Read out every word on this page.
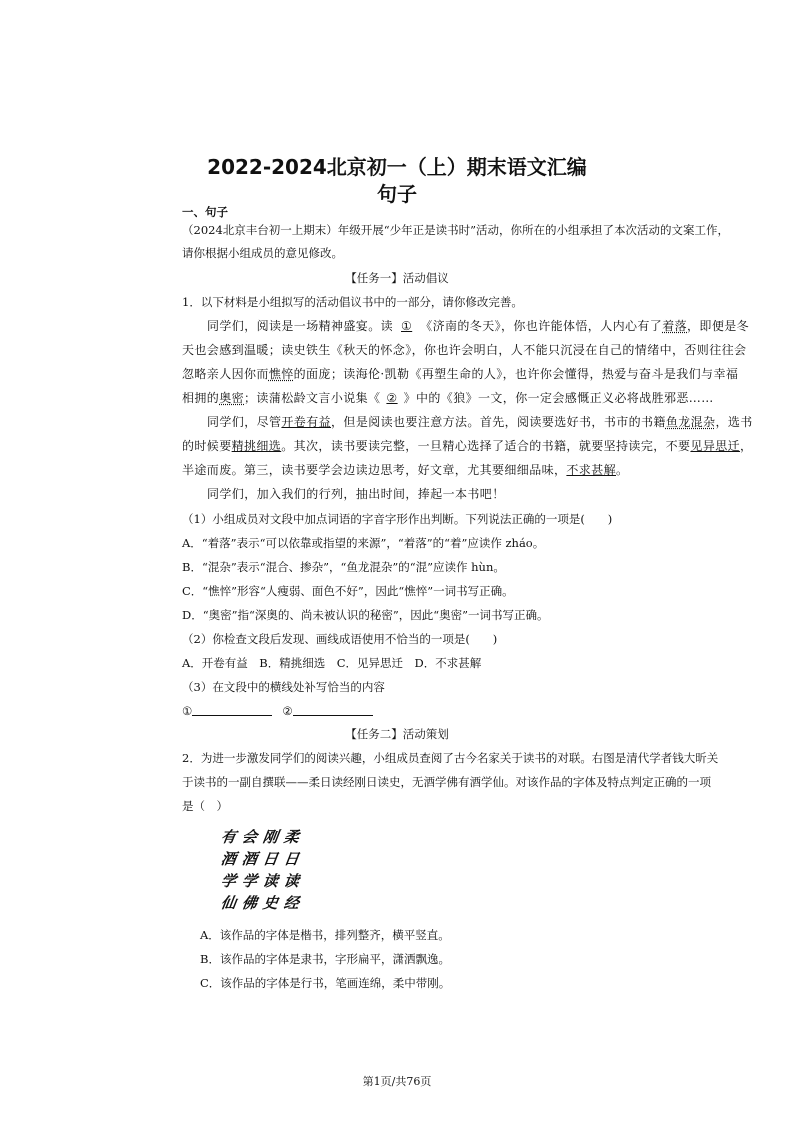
2022-2024北京初一（上）期末语文汇编
句子
一、句子
（2024北京丰台初一上期末）年级开展“少年正是读书时”活动，你所在的小组承担了本次活动的文案工作，
请你根据小组成员的意见修改。
【任务一】活动倡议
1．以下材料是小组拟写的活动倡议书中的一部分，请你修改完善。
同学们，阅读是一场精神盛宴。读 ① 《济南的冬天》，你也许能体悟，人内心有了着落，即便是冬
天也会感到温暖；读史铁生《秋天的怀念》，你也许会明白，人不能只沉浸在自己的情绪中，否则往往会
忽略亲人因你而憔悴的面庞；读海伦·凯勒《再塑生命的人》，也许你会懂得，热爱与奋斗是我们与幸福
相拥的奥密；读蒲松龄文言小说集《 ② 》中的《狼》一文，你一定会感慨正义必将战胜邪恶……
同学们，尽管开卷有益，但是阅读也要注意方法。首先，阅读要选好书，书市的书籍鱼龙混杂，选书
的时候要精挑细选。其次，读书要读完整，一旦精心选择了适合的书籍，就要坚持读完，不要见异思迁，
半途而废。第三，读书要学会边读边思考，好文章，尤其要细细品味，不求甚解。
同学们，加入我们的行列，抽出时间，捧起一本书吧！
（1）小组成员对文段中加点词语的字音字形作出判断。下列说法正确的一项是(　　)
A．“着落”表示“可以依靠或指望的来源”，“着落”的“着”应读作 zháo。
B．“混杂”表示“混合、掺杂”，“鱼龙混杂”的“混”应读作 hùn。
C．“憔悴”形容“人瘦弱、面色不好”，因此“憔悴”一词书写正确。
D．“奥密”指“深奥的、尚未被认识的秘密”，因此“奥密”一词书写正确。
（2）你检查文段后发现、画线成语使用不恰当的一项是(　　)
A．开卷有益　B．精挑细选　C．见异思迁　D．不求甚解
（3）在文段中的横线处补写恰当的内容
①	②
【任务二】活动策划
2．为进一步激发同学们的阅读兴趣，小组成员查阅了古今名家关于读书的对联。右图是清代学者钱大昕关
于读书的一副自撰联——柔日读经刚日读史，无酒学佛有酒学仙。对该作品的字体及特点判定正确的一项
是（　）
有 会 刚 柔
酒 酒 日 日
学 学 读 读
仙 佛 史 经
A．该作品的字体是楷书，排列整齐，横平竖直。
B．该作品的字体是隶书，字形扁平，潇洒飘逸。
C．该作品的字体是行书，笔画连绵，柔中带刚。
第1页/共76页
